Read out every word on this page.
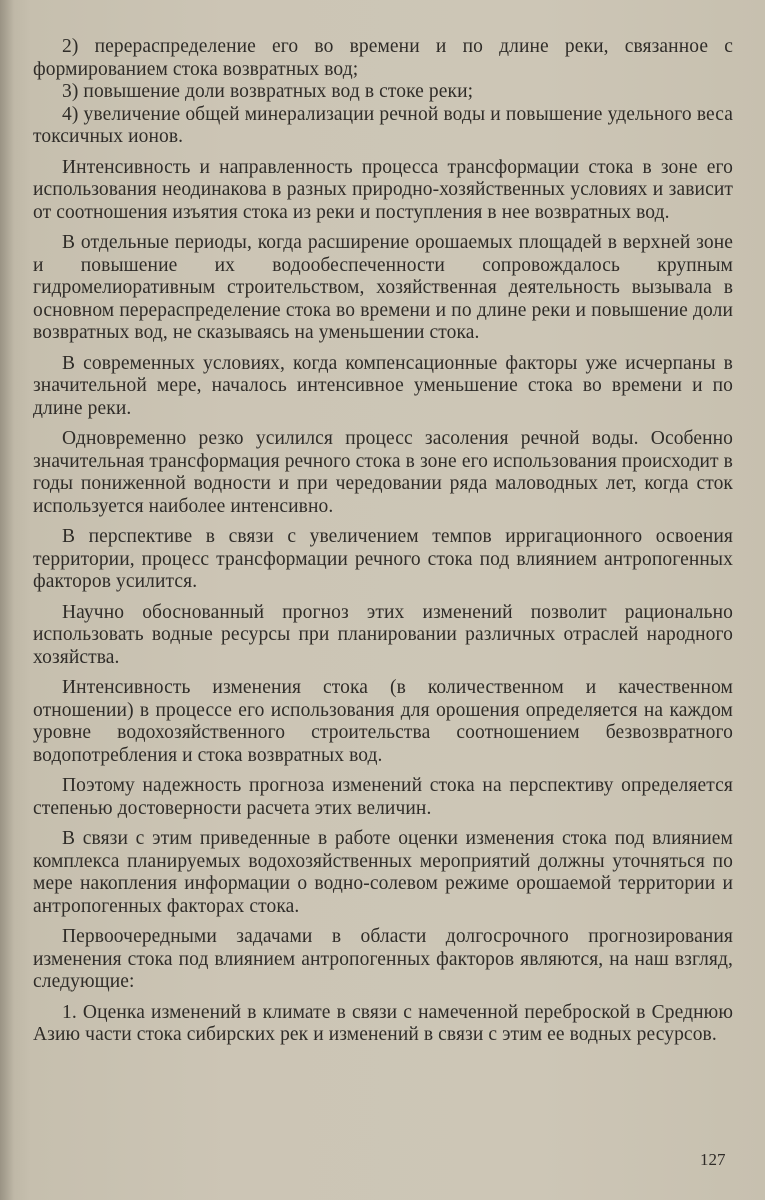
2) перераспределение его во времени и по длине реки, связанное с формированием стока возвратных вод;

3) повышение доли возвратных вод в стоке реки;

4) увеличение общей минерализации речной воды и повышение удельного веса токсичных ионов.

Интенсивность и направленность процесса трансформации стока в зоне его использования неодинакова в разных природно-хозяйственных условиях и зависит от соотношения изъятия стока из реки и поступления в нее возвратных вод.

В отдельные периоды, когда расширение орошаемых площадей в верхней зоне и повышение их водообеспеченности сопровождалось крупным гидромелиоративным строительством, хозяйственная деятельность вызывала в основном перераспределение стока во времени и по длине реки и повышение доли возвратных вод, не сказываясь на уменьшении стока.

В современных условиях, когда компенсационные факторы уже исчерпаны в значительной мере, началось интенсивное уменьшение стока во времени и по длине реки.

Одновременно резко усилился процесс засоления речной воды. Особенно значительная трансформация речного стока в зоне его использования происходит в годы пониженной водности и при чередовании ряда маловодных лет, когда сток используется наиболее интенсивно.

В перспективе в связи с увеличением темпов ирригационного освоения территории, процесс трансформации речного стока под влиянием антропогенных факторов усилится.

Научно обоснованный прогноз этих изменений позволит рационально использовать водные ресурсы при планировании различных отраслей народного хозяйства.

Интенсивность изменения стока (в количественном и качественном отношении) в процессе его использования для орошения определяется на каждом уровне водохозяйственного строительства соотношением безвозвратного водопотребления и стока возвратных вод.

Поэтому надежность прогноза изменений стока на перспективу определяется степенью достоверности расчета этих величин.

В связи с этим приведенные в работе оценки изменения стока под влиянием комплекса планируемых водохозяйственных мероприятий должны уточняться по мере накопления информации о водно-солевом режиме орошаемой территории и антропогенных факторах стока.

Первоочередными задачами в области долгосрочного прогнозирования изменения стока под влиянием антропогенных факторов являются, на наш взгляд, следующие:

1. Оценка изменений в климате в связи с намеченной переброской в Среднюю Азию части стока сибирских рек и изменений в связи с этим ее водных ресурсов.

127
